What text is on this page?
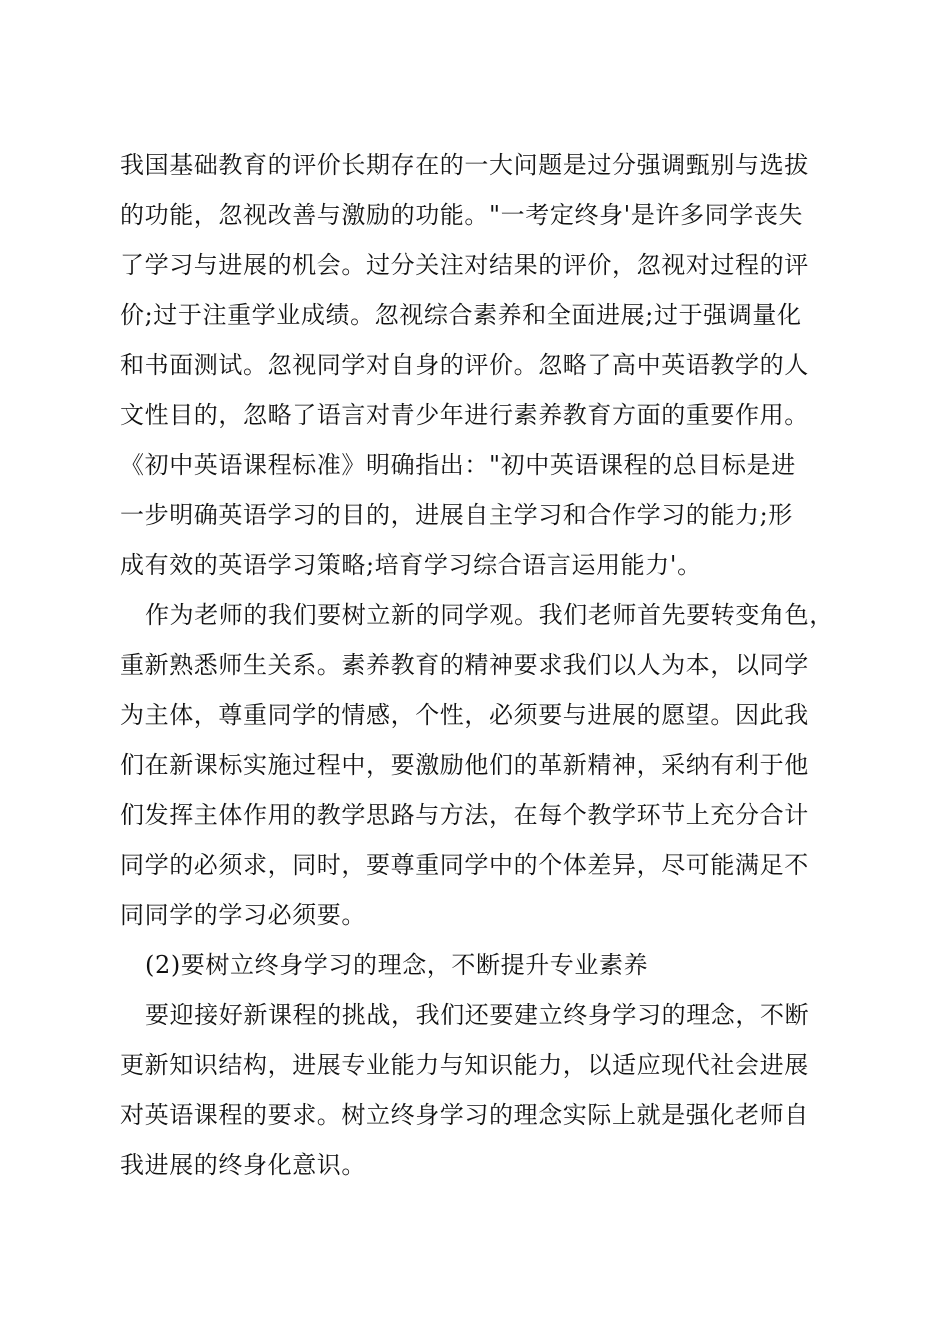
我国基础教育的评价长期存在的一大问题是过分强调甄别与选拔
的功能，忽视改善与激励的功能。"一考定终身'是许多同学丧失
了学习与进展的机会。过分关注对结果的评价，忽视对过程的评
价;过于注重学业成绩。忽视综合素养和全面进展;过于强调量化
和书面测试。忽视同学对自身的评价。忽略了高中英语教学的人
文性目的，忽略了语言对青少年进行素养教育方面的重要作用。
《初中英语课程标准》明确指出："初中英语课程的总目标是进
一步明确英语学习的目的，进展自主学习和合作学习的能力;形
成有效的英语学习策略;培育学习综合语言运用能力'。
作为老师的我们要树立新的同学观。我们老师首先要转变角色，
重新熟悉师生关系。素养教育的精神要求我们以人为本，以同学
为主体，尊重同学的情感，个性，必须要与进展的愿望。因此我
们在新课标实施过程中，要激励他们的革新精神，采纳有利于他
们发挥主体作用的教学思路与方法，在每个教学环节上充分合计
同学的必须求，同时，要尊重同学中的个体差异，尽可能满足不
同同学的学习必须要。
(2)要树立终身学习的理念，不断提升专业素养
要迎接好新课程的挑战，我们还要建立终身学习的理念，不断
更新知识结构，进展专业能力与知识能力，以适应现代社会进展
对英语课程的要求。树立终身学习的理念实际上就是强化老师自
我进展的终身化意识。
